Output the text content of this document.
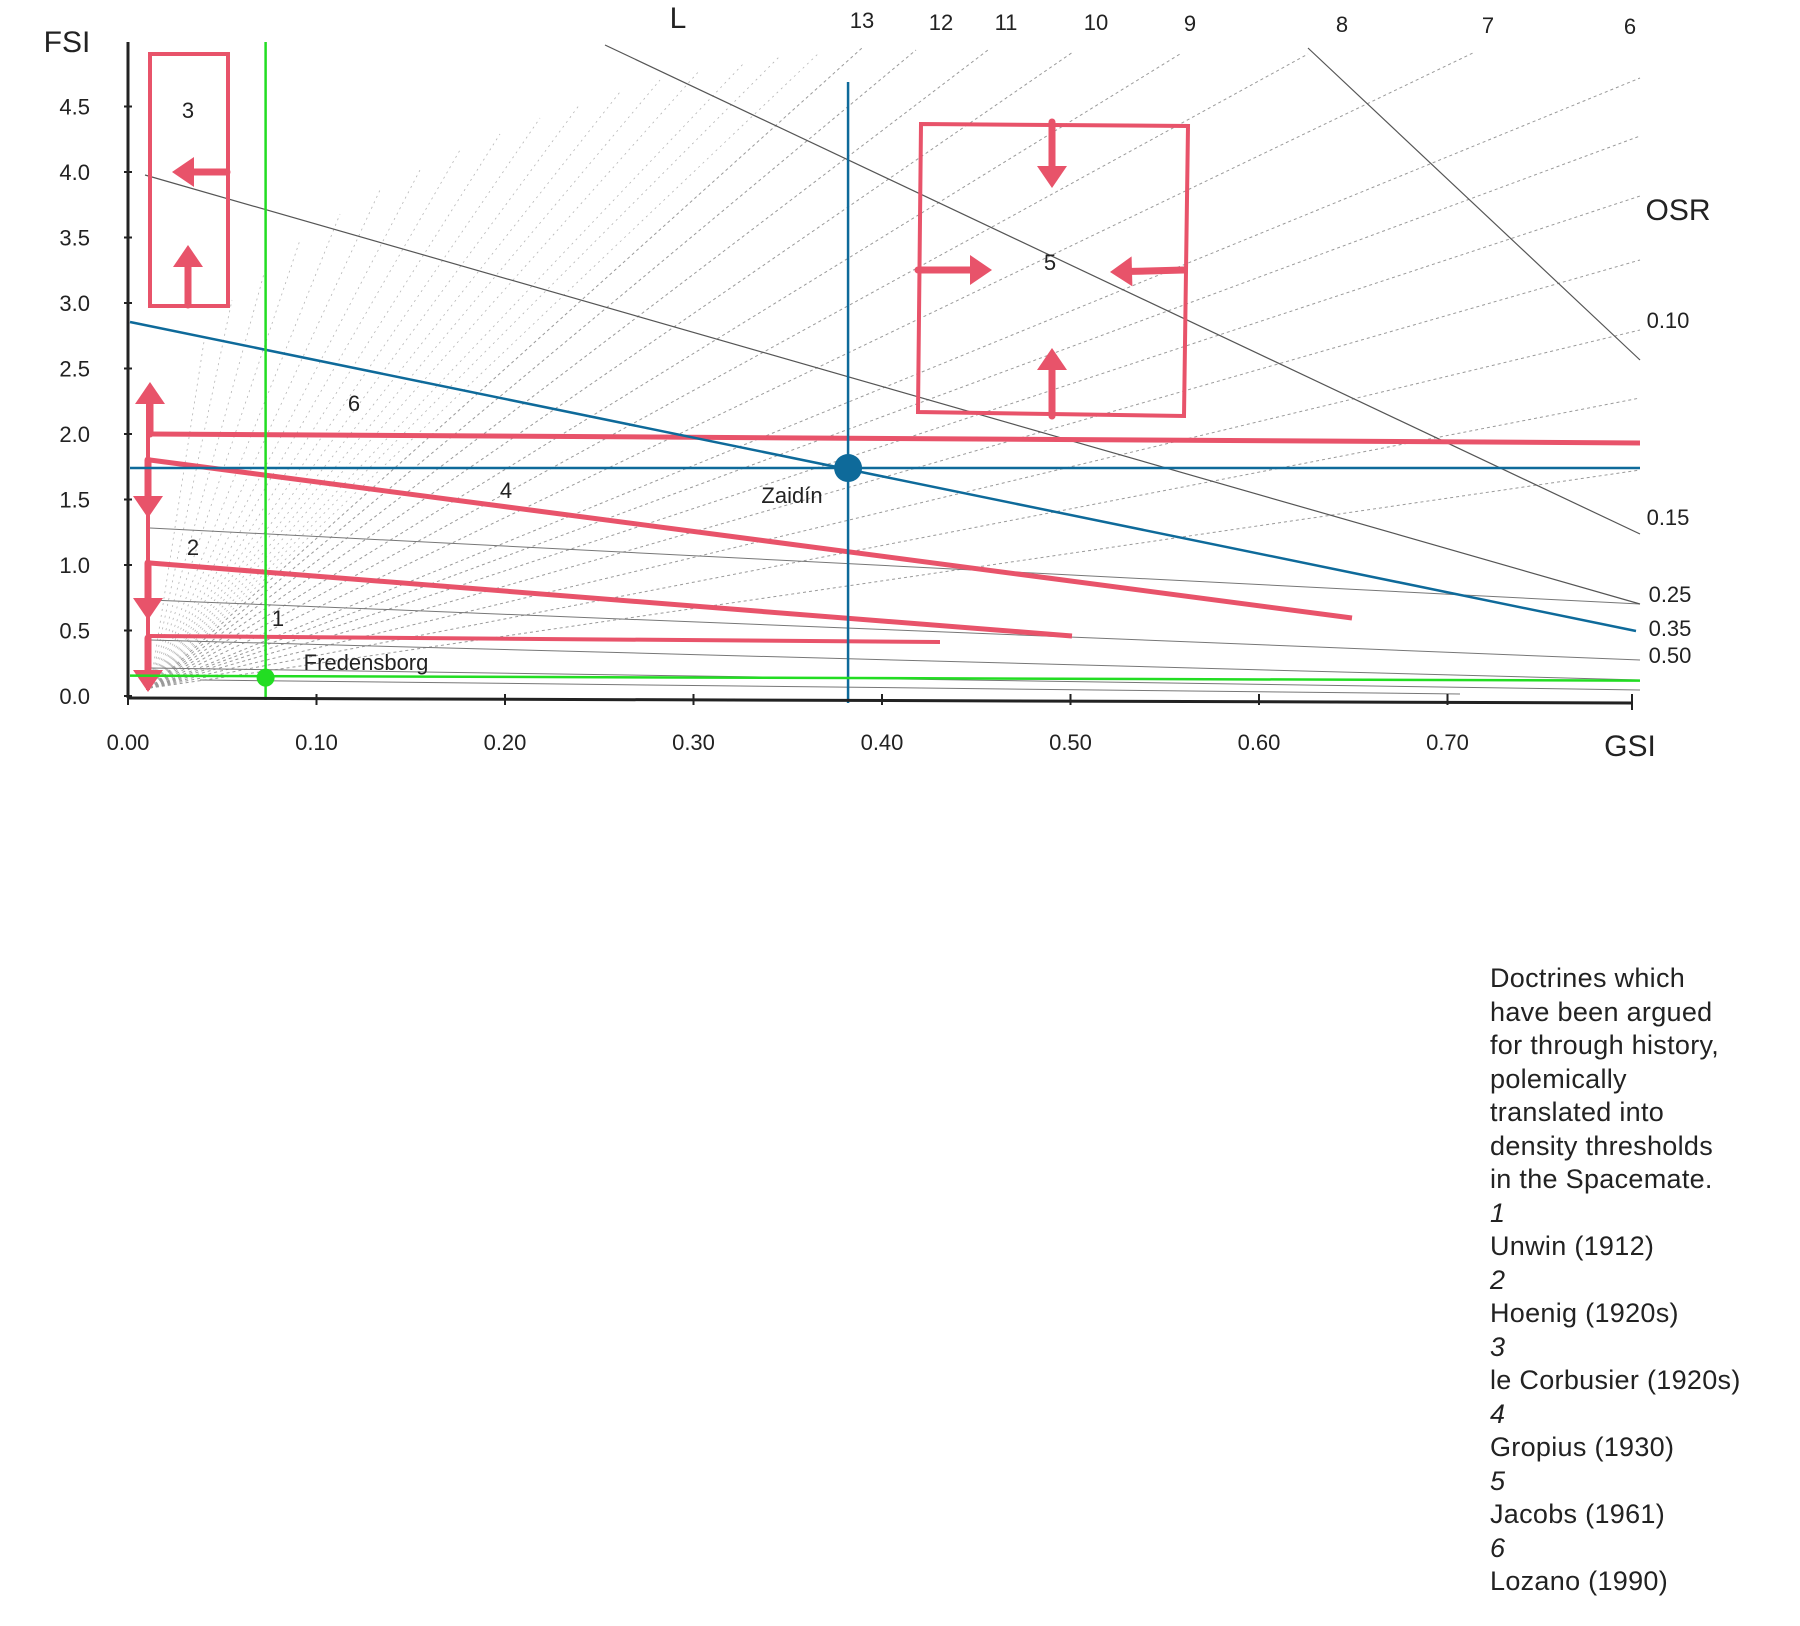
0.0
0.5
1.0
1.5
2.0
2.5
3.0
3.5
4.0
4.5
0.00	0.10	0.20	0.30	0.40	0.50	0.60	0.70
FSI
GSI
L	13 12 11	10	9	8	7	6
OSR
0.10
0.15
0.25
0.35
0.50
1
2
3
4
5
6
Zaidín
Fredensborg
Doctrines which
have been argued
for through history,
polemically
translated into
density thresholds
in the Spacemate.
1
Unwin (1912)
2
Hoenig (1920s)
3
le Corbusier (1920s)
4
Gropius (1930)
5
Jacobs (1961)
6
Lozano (1990)
